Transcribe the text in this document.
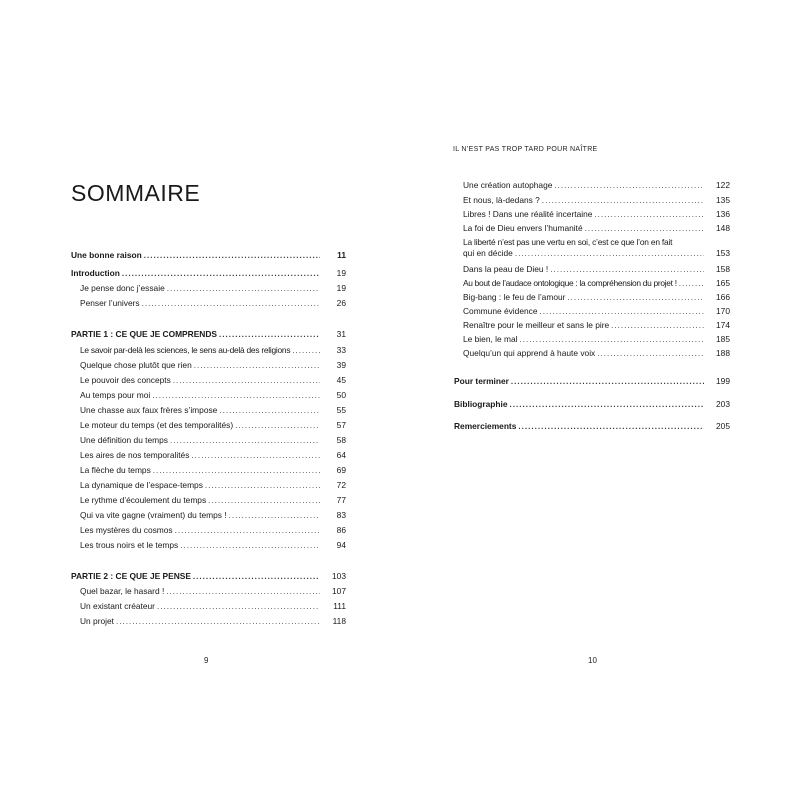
SOMMAIRE
Une bonne raison . . .	11
Introduction . . .	19
Je pense donc j’essaie . . .	19
Penser l’univers . . .	26
PARTIE 1 : CE QUE JE COMPRENDS . . .	31
Le savoir par-delà les sciences, le sens au-delà des religions . . .	33
Quelque chose plutôt que rien . . .	39
Le pouvoir des concepts . . .	45
Au temps pour moi . . .	50
Une chasse aux faux frères s’impose . . .	55
Le moteur du temps (et des temporalités) . . .	57
Une définition du temps . . .	58
Les aires de nos temporalités . . .	64
La flèche du temps . . .	69
La dynamique de l’espace-temps . . .	72
Le rythme d’écoulement du temps . . .	77
Qui va vite gagne (vraiment) du temps ! . . .	83
Les mystères du cosmos . . .	86
Les trous noirs et le temps . . .	94
PARTIE 2 : CE QUE JE PENSE . . .	103
Quel bazar, le hasard ! . . .	107
Un existant créateur . . .	111
Un projet . . .	118
9
IL N’EST PAS TROP TARD POUR NAÎTRE
Une création autophage . . .	122
Et nous, là-dedans ? . . .	135
Libres ! Dans une réalité incertaine . . .	136
La foi de Dieu envers l’humanité . . .	148
La liberté n’est pas une vertu en soi, c’est ce que l’on en fait
qui en décide . . .	153
Dans la peau de Dieu ! . . .	158
Au bout de l’audace ontologique : la compréhension du projet ! . . .	165
Big-bang : le feu de l’amour . . .	166
Commune évidence . . .	170
Renaître pour le meilleur et sans le pire . . .	174
Le bien, le mal . . .	185
Quelqu’un qui apprend à haute voix . . .	188
Pour terminer . . .	199
Bibliographie . . .	203
Remerciements . . .	205
10
